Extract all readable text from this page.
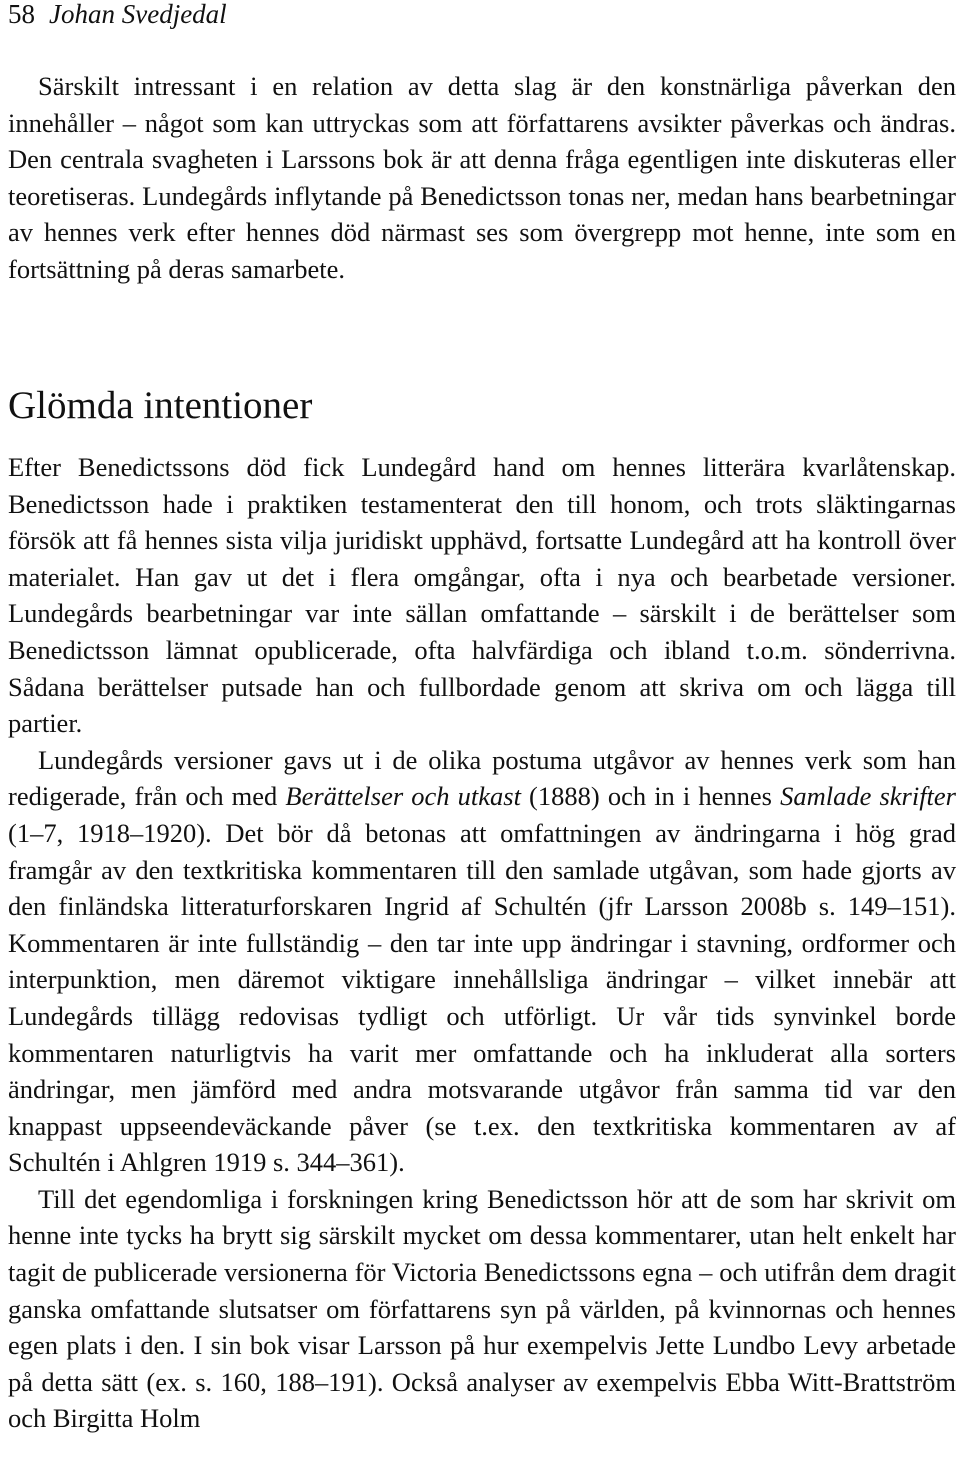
58 Johan Svedjedal

Särskilt intressant i en relation av detta slag är den konstnärliga påverkan den innehåller – något som kan uttryckas som att författarens avsikter påverkas och ändras. Den centrala svagheten i Larssons bok är att denna fråga egentligen inte diskuteras eller teoretiseras. Lundegårds inflytande på Benedictsson tonas ner, medan hans bearbetningar av hennes verk efter hennes död närmast ses som övergrepp mot henne, inte som en fortsättning på deras samarbete.

Glömda intentioner

Efter Benedictssons död fick Lundegård hand om hennes litterära kvarlåtenskap. Benedictsson hade i praktiken testamenterat den till honom, och trots släktingarnas försök att få hennes sista vilja juridiskt upphävd, fortsatte Lundegård att ha kontroll över materialet. Han gav ut det i flera omgångar, ofta i nya och bearbetade versioner. Lundegårds bearbetningar var inte sällan omfattande – särskilt i de berättelser som Benedictsson lämnat opublicerade, ofta halvfärdiga och ibland t.o.m. sönderrivna. Sådana berättelser putsade han och fullbordade genom att skriva om och lägga till partier.

Lundegårds versioner gavs ut i de olika postuma utgåvor av hennes verk som han redigerade, från och med Berättelser och utkast (1888) och in i hennes Samlade skrifter (1–7, 1918–1920). Det bör då betonas att omfattningen av ändringarna i hög grad framgår av den textkritiska kommentaren till den samlade utgåvan, som hade gjorts av den finländska litteraturforskaren Ingrid af Schultén (jfr Larsson 2008b s. 149–151). Kommentaren är inte fullständig – den tar inte upp ändringar i stavning, ordformer och interpunktion, men däremot viktigare innehållsliga ändringar – vilket innebär att Lundegårds tillägg redovisas tydligt och utförligt. Ur vår tids synvinkel borde kommentaren naturligtvis ha varit mer omfattande och ha inkluderat alla sorters ändringar, men jämförd med andra motsvarande utgåvor från samma tid var den knappast uppseendeväckande påver (se t.ex. den textkritiska kommentaren av af Schultén i Ahlgren 1919 s. 344–361).

Till det egendomliga i forskningen kring Benedictsson hör att de som har skrivit om henne inte tycks ha brytt sig särskilt mycket om dessa kommentarer, utan helt enkelt har tagit de publicerade versionerna för Victoria Benedictssons egna – och utifrån dem dragit ganska omfattande slutsatser om författarens syn på världen, på kvinnornas och hennes egen plats i den. I sin bok visar Larsson på hur exempelvis Jette Lundbo Levy arbetade på detta sätt (ex. s. 160, 188–191). Också analyser av exempelvis Ebba Witt-Brattström och Birgitta Holm
